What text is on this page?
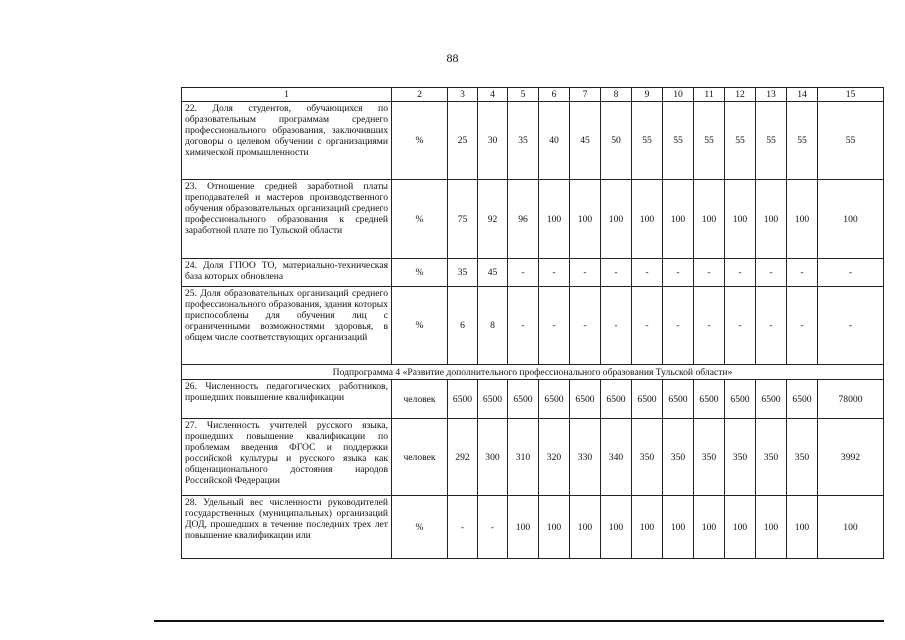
88
1	2	3	4	5	6	7	8	9	10	11	12	13	14	15
22. Доля студентов, обучающихся по образовательным программам среднего профессионального образования, заключивших договоры о целевом обучении с организациями химической промышленности	%	25	30	35	40	45	50	55	55	55	55	55	55	55
23. Отношение средней заработной платы преподавателей и мастеров производственного обучения образовательных организаций среднего профессионального образования к средней заработной плате по Тульской области	%	75	92	96	100	100	100	100	100	100	100	100	100	100
24. Доля ГПОО ТО, материально-техническая база которых обновлена	%	35	45	-	-	-	-	-	-	-	-	-	-	-
25. Доля образовательных организаций среднего профессионального образования, здания которых приспособлены для обучения лиц с ограниченными возможностями здоровья, в общем числе соответствующих организаций	%	6	8	-	-	-	-	-	-	-	-	-	-	-
Подпрограмма 4 «Развитие дополнительного профессионального образования Тульской области»														
26. Численность педагогических работников, прошедших повышение квалификации	человек	6500	6500	6500	6500	6500	6500	6500	6500	6500	6500	6500	6500	78000
27. Численность учителей русского языка, прошедших повышение квалификации по проблемам введения ФГОС и поддержки российской культуры и русского языка как общенационального достояния народов Российской Федерации	человек	292	300	310	320	330	340	350	350	350	350	350	350	3992
28. Удельный вес численности руководителей государственных (муниципальных) организаций ДОД, прошедших в течение последних трех лет повышение квалификации или	%	-	-	100	100	100	100	100	100	100	100	100	100	100
